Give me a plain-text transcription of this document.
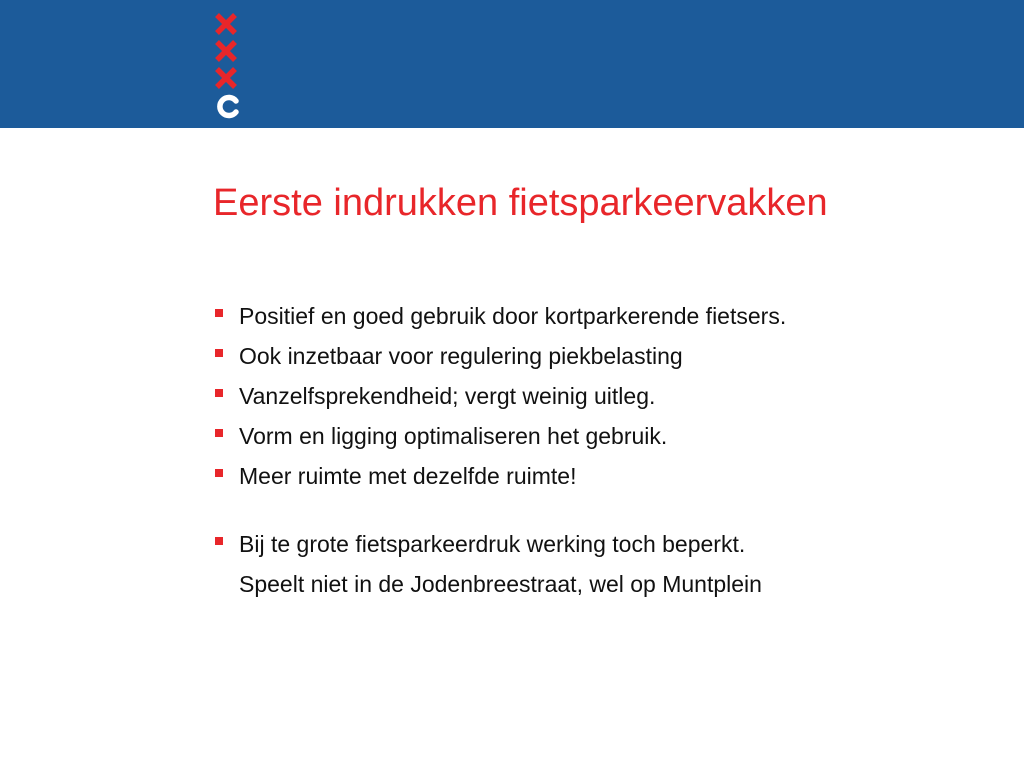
Eerste indrukken fietsparkeervakken
Positief en goed gebruik door kortparkerende fietsers.
Ook inzetbaar voor regulering piekbelasting
Vanzelfsprekendheid; vergt weinig uitleg.
Vorm en ligging optimaliseren het gebruik.
Meer ruimte met dezelfde ruimte!
Bij te grote fietsparkeerdruk werking toch beperkt.
Speelt niet in de Jodenbreestraat, wel op Muntplein
